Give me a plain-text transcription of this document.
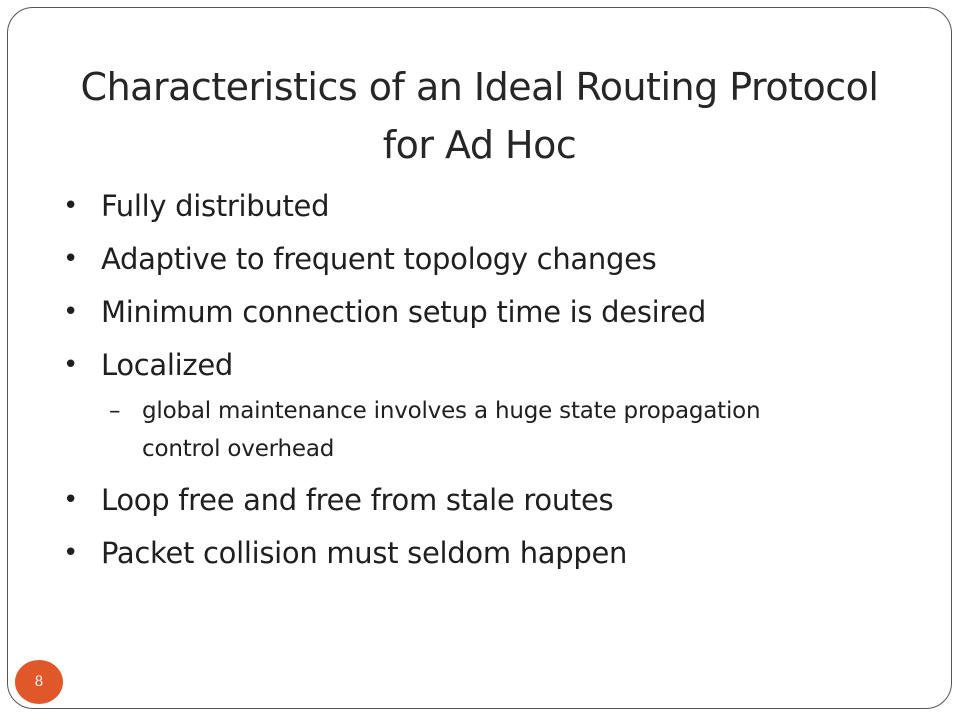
Characteristics of an Ideal Routing Protocol
for Ad Hoc
• Fully distributed
• Adaptive to frequent topology changes
• Minimum connection setup time is desired
• Localized
– global maintenance involves a huge state propagation
control overhead
• Loop free and free from stale routes
• Packet collision must seldom happen
8
